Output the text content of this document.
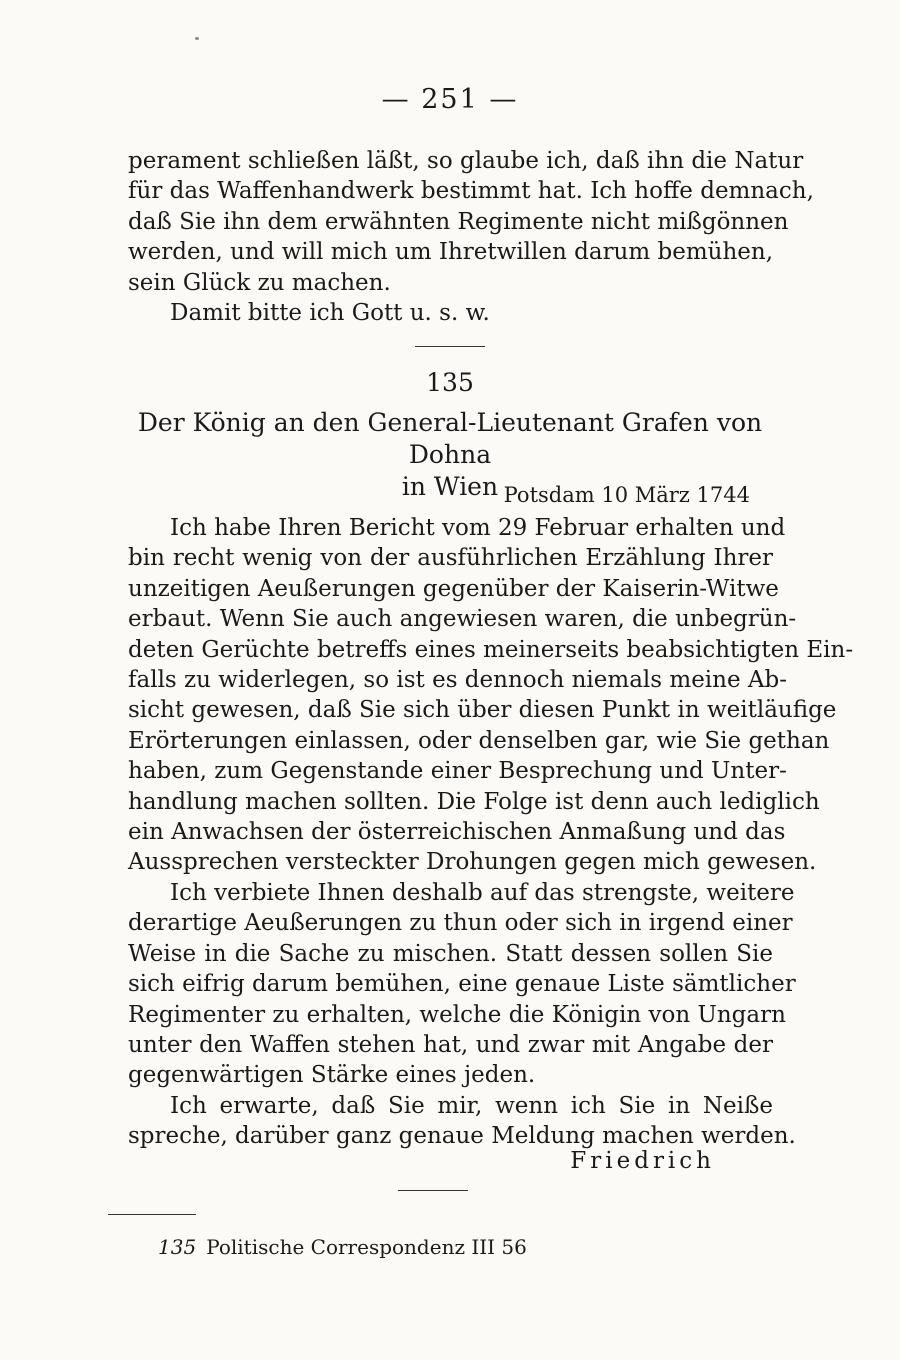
— 251 —
perament schließen läßt, so glaube ich, daß ihn die Natur
für das Waffenhandwerk bestimmt hat. Ich hoffe demnach,
daß Sie ihn dem erwähnten Regimente nicht mißgönnen
werden, und will mich um Ihretwillen darum bemühen,
sein Glück zu machen.
Damit bitte ich Gott u. s. w.
135
Der König an den General-Lieutenant Grafen von Dohna
in Wien Potsdam 10 März 1744
Ich habe Ihren Bericht vom 29 Februar erhalten und
bin recht wenig von der ausführlichen Erzählung Ihrer
unzeitigen Aeußerungen gegenüber der Kaiserin-Witwe
erbaut. Wenn Sie auch angewiesen waren, die unbegrün-
deten Gerüchte betreffs eines meinerseits beabsichtigten Ein-
falls zu widerlegen, so ist es dennoch niemals meine Ab-
sicht gewesen, daß Sie sich über diesen Punkt in weitläufige
Erörterungen einlassen, oder denselben gar, wie Sie gethan
haben, zum Gegenstande einer Besprechung und Unter-
handlung machen sollten. Die Folge ist denn auch lediglich
ein Anwachsen der österreichischen Anmaßung und das
Aussprechen versteckter Drohungen gegen mich gewesen.
Ich verbiete Ihnen deshalb auf das strengste, weitere
derartige Aeußerungen zu thun oder sich in irgend einer
Weise in die Sache zu mischen. Statt dessen sollen Sie
sich eifrig darum bemühen, eine genaue Liste sämtlicher
Regimenter zu erhalten, welche die Königin von Ungarn
unter den Waffen stehen hat, und zwar mit Angabe der
gegenwärtigen Stärke eines jeden.
Ich erwarte, daß Sie mir, wenn ich Sie in Neiße
spreche, darüber ganz genaue Meldung machen werden.
Friedrich
135 Politische Correspondenz III 56
